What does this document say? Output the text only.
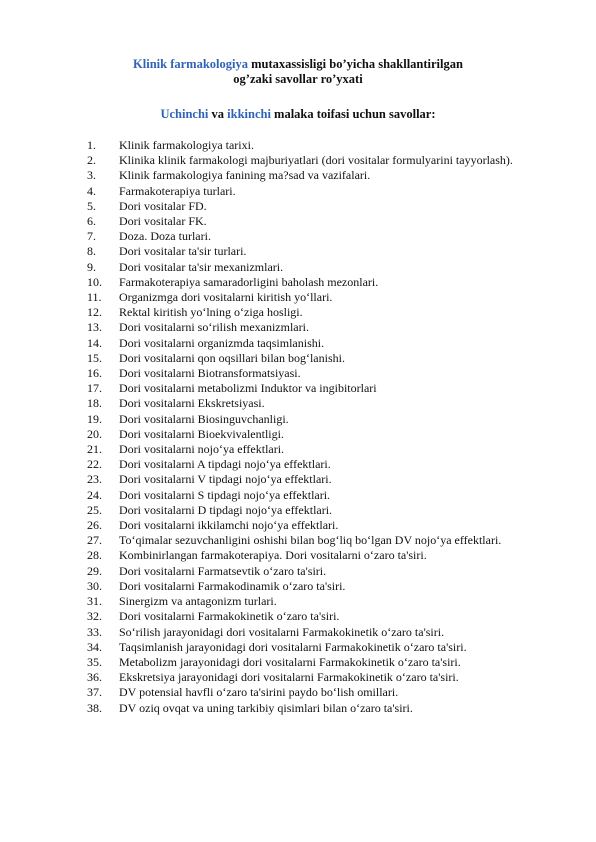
Klinik farmakologiya mutaxassisligi bo’yicha shakllantirilgan
og’zaki savollar ro’yxati
Uchinchi va ikkinchi malaka toifasi uchun savollar:
1.	Klinik farmakologiya tarixi.
2.	Klinika klinik farmakologi majburiyatlari (dori vositalar formulyarini tayyorlash).
3.	Klinik farmakologiya fanining ma?sad va vazifalari.
4.	Farmakoterapiya turlari.
5.	Dori vositalar FD.
6.	Dori vositalar FK.
7.	Doza. Doza turlari.
8.	Dori vositalar ta'sir turlari.
9.	Dori vositalar ta'sir mexanizmlari.
10.	Farmakoterapiya samaradorligini baholash mezonlari.
11.	Organizmga dori vositalarni kiritish yo‘llari.
12.	Rektal kiritish yo‘lning o‘ziga hosligi.
13.	Dori vositalarni so‘rilish mexanizmlari.
14.	Dori vositalarni organizmda taqsimlanishi.
15.	Dori vositalarni qon oqsillari bilan bog‘lanishi.
16.	Dori vositalarni Biotransformatsiyasi.
17.	Dori vositalarni metabolizmi Induktor va ingibitorlari
18.	Dori vositalarni Ekskretsiyasi.
19.	Dori vositalarni Biosinguvchanligi.
20.	Dori vositalarni Bioekvivalentligi.
21.	Dori vositalarni nojo‘ya effektlari.
22.	Dori vositalarni A tipdagi nojo‘ya effektlari.
23.	Dori vositalarni V tipdagi nojo‘ya effektlari.
24.	Dori vositalarni S tipdagi nojo‘ya effektlari.
25.	Dori vositalarni D tipdagi nojo‘ya effektlari.
26.	Dori vositalarni ikkilamchi nojo‘ya effektlari.
27.	To‘qimalar sezuvchanligini oshishi bilan bog‘liq bo‘lgan DV nojo‘ya effektlari.
28.	Kombinirlangan farmakoterapiya. Dori vositalarni o‘zaro ta'siri.
29.	Dori vositalarni Farmatsevtik o‘zaro ta'siri.
30.	Dori vositalarni Farmakodinamik o‘zaro ta'siri.
31.	Sinergizm va antagonizm turlari.
32.	Dori vositalarni Farmakokinetik o‘zaro ta'siri.
33.	So‘rilish jarayonidagi dori vositalarni Farmakokinetik o‘zaro ta'siri.
34.	Taqsimlanish jarayonidagi dori vositalarni Farmakokinetik o‘zaro ta'siri.
35.	Metabolizm jarayonidagi dori vositalarni Farmakokinetik o‘zaro ta'siri.
36.	Ekskretsiya jarayonidagi dori vositalarni Farmakokinetik o‘zaro ta'siri.
37.	DV potensial havfli o‘zaro ta'sirini paydo bo‘lish omillari.
38.	DV oziq ovqat va uning tarkibiy qisimlari bilan o‘zaro ta'siri.
